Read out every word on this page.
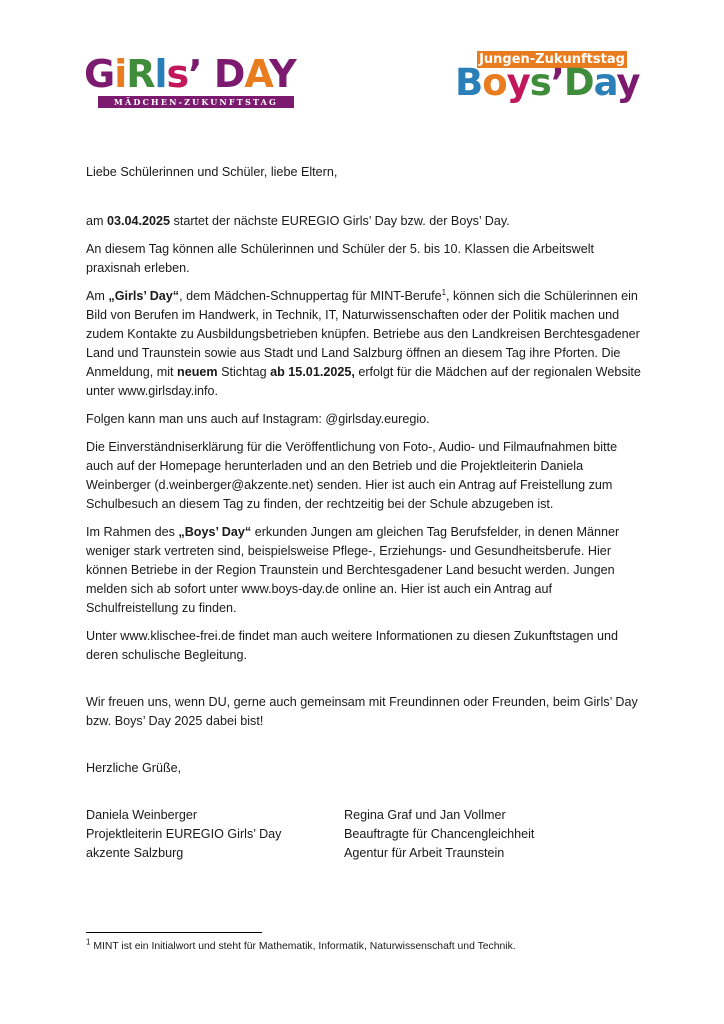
GiRls’ DAY
MÄDCHEN-ZUKUNFTSTAG
Jungen-Zukunftstag
Boys’Day

Liebe Schülerinnen und Schüler, liebe Eltern,

am 03.04.2025 startet der nächste EUREGIO Girls’ Day bzw. der Boys’ Day.

An diesem Tag können alle Schülerinnen und Schüler der 5. bis 10. Klassen die Arbeitswelt praxisnah erleben.

Am „Girls’ Day“, dem Mädchen-Schnuppertag für MINT-Berufe$^1$, können sich die Schülerinnen ein Bild von Berufen im Handwerk, in Technik, IT, Naturwissenschaften oder der Politik machen und zudem Kontakte zu Ausbildungsbetrieben knüpfen. Betriebe aus den Landkreisen Berchtesgadener Land und Traunstein sowie aus Stadt und Land Salzburg öffnen an diesem Tag ihre Pforten. Die Anmeldung, mit neuem Stichtag ab 15.01.2025, erfolgt für die Mädchen auf der regionalen Website unter www.girlsday.info.

Folgen kann man uns auch auf Instagram: @girlsday.euregio.

Die Einverständniserklärung für die Veröffentlichung von Foto-, Audio- und Filmaufnahmen bitte auch auf der Homepage herunterladen und an den Betrieb und die Projektleiterin Daniela Weinberger (d.weinberger@akzente.net) senden. Hier ist auch ein Antrag auf Freistellung zum Schulbesuch an diesem Tag zu finden, der rechtzeitig bei der Schule abzugeben ist.

Im Rahmen des „Boys’ Day“ erkunden Jungen am gleichen Tag Berufsfelder, in denen Männer weniger stark vertreten sind, beispielsweise Pflege-, Erziehungs- und Gesundheitsberufe. Hier können Betriebe in der Region Traunstein und Berchtesgadener Land besucht werden. Jungen melden sich ab sofort unter www.boys-day.de online an. Hier ist auch ein Antrag auf Schulfreistellung zu finden.

Unter www.klischee-frei.de findet man auch weitere Informationen zu diesen Zukunftstagen und deren schulische Begleitung.

Wir freuen uns, wenn DU, gerne auch gemeinsam mit Freundinnen oder Freunden, beim Girls’ Day bzw. Boys’ Day 2025 dabei bist!

Herzliche Grüße,

Daniela Weinberger
Projektleiterin EUREGIO Girls’ Day
akzente Salzburg
Regina Graf und Jan Vollmer
Beauftragte für Chancengleichheit
Agentur für Arbeit Traunstein
$^1$ MINT ist ein Initialwort und steht für Mathematik, Informatik, Naturwissenschaft und Technik.
